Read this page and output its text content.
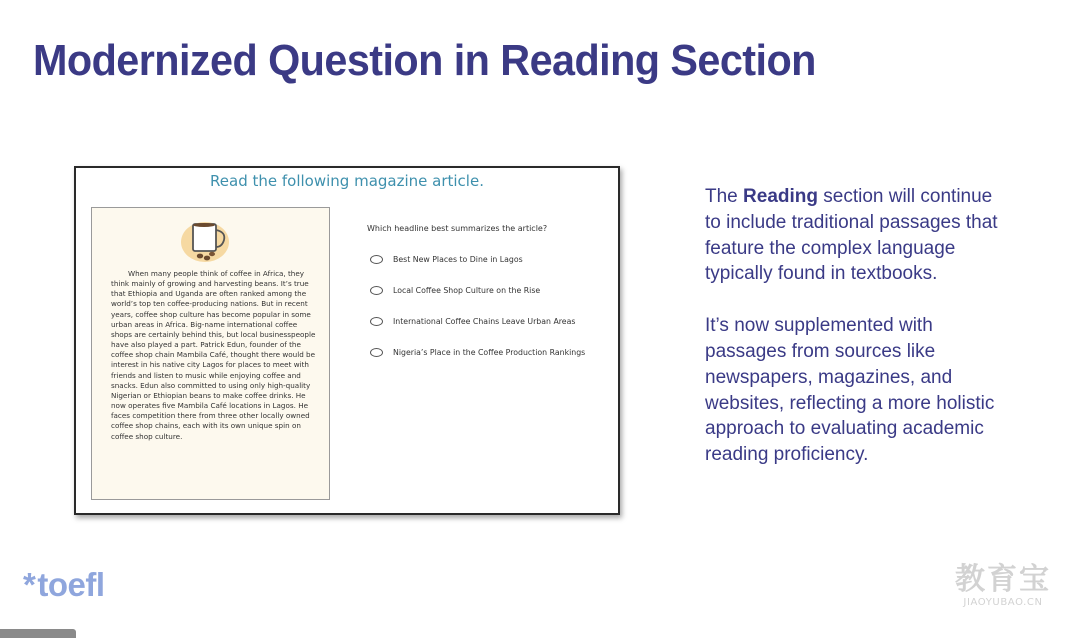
Modernized Question in Reading Section
Read the following magazine article.

When many people think of coffee in Africa, they think mainly of growing and harvesting beans. It’s true that Ethiopia and Uganda are often ranked among the world’s top ten coffee-producing nations. But in recent years, coffee shop culture has become popular in some urban areas in Africa. Big-name international coffee shops are certainly behind this, but local businesspeople have also played a part. Patrick Edun, founder of the coffee shop chain Mambila Café, thought there would be interest in his native city Lagos for places to meet with friends and listen to music while enjoying coffee and snacks. Edun also committed to using only high-quality Nigerian or Ethiopian beans to make coffee drinks. He now operates five Mambila Café locations in Lagos. He faces competition there from three other locally owned coffee shop chains, each with its own unique spin on coffee shop culture.

Which headline best summarizes the article?
Best New Places to Dine in Lagos
Local Coffee Shop Culture on the Rise
International Coffee Chains Leave Urban Areas
Nigeria’s Place in the Coffee Production Rankings

The Reading section will continue to include traditional passages that feature the complex language typically found in textbooks.

It’s now supplemented with passages from sources like newspapers, magazines, and websites, reflecting a more holistic approach to evaluating academic reading proficiency.

* toefl	教育宝
JIAOYUBAO.CN
